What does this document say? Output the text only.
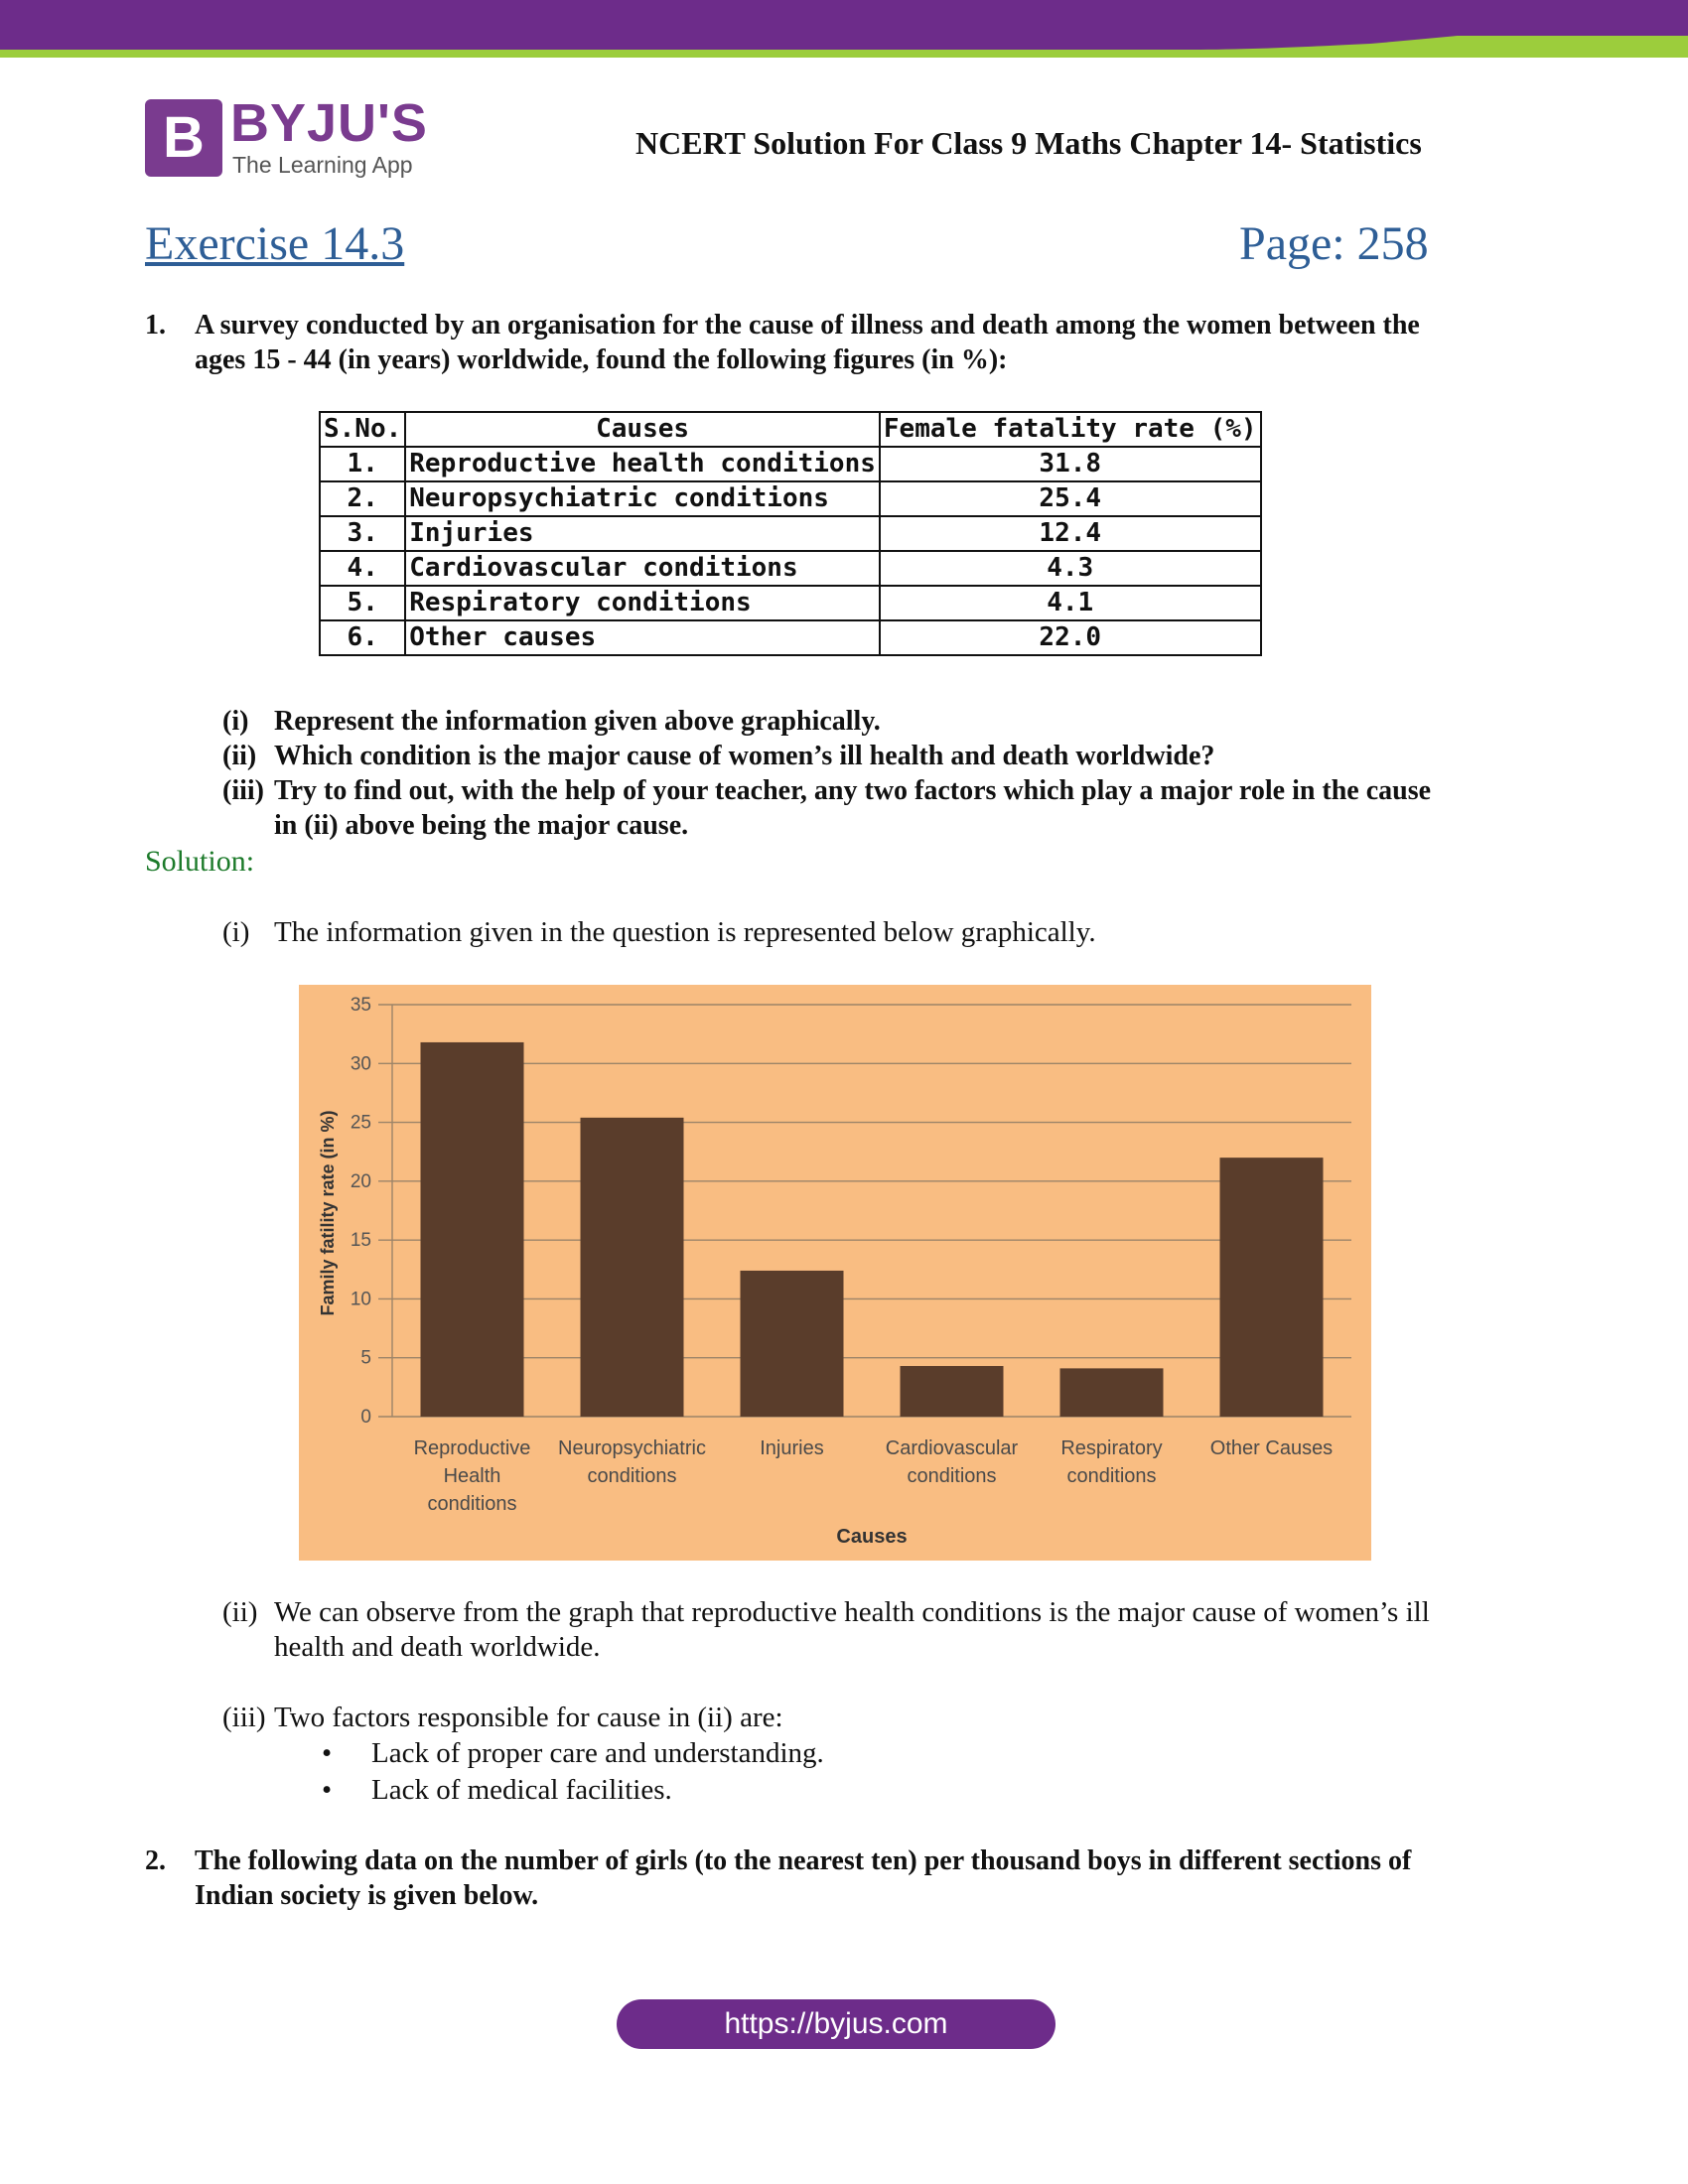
B BYJU'S
The Learning App
NCERT Solution For Class 9 Maths Chapter 14- Statistics
Exercise 14.3	Page: 258
1. A survey conducted by an organisation for the cause of illness and death among the women between the ages 15 - 44 (in years) worldwide, found the following figures (in %):
S.No.	Causes	Female fatality rate (%)
1.	Reproductive health conditions	31.8
2.	Neuropsychiatric conditions	25.4
3.	Injuries	12.4
4.	Cardiovascular conditions	4.3
5.	Respiratory conditions	4.1
6.	Other causes	22.0
(i) Represent the information given above graphically.
(ii) Which condition is the major cause of women’s ill health and death worldwide?
(iii) Try to find out, with the help of your teacher, any two factors which play a major role in the cause in (ii) above being the major cause.
Solution:
(i) The information given in the question is represented below graphically.
0
5
10
15
20
25
30
35
Reproductive
Health
conditions
Neuropsychiatric
conditions
Injuries	Cardiovascular
conditions
Respiratory
conditions
Other Causes
Causes
Family fatility rate (in %)
(ii) We can observe from the graph that reproductive health conditions is the major cause of women’s ill health and death worldwide.
(iii) Two factors responsible for cause in (ii) are:
• Lack of proper care and understanding.
• Lack of medical facilities.
2. The following data on the number of girls (to the nearest ten) per thousand boys in different sections of Indian society is given below.
https://byjus.com
